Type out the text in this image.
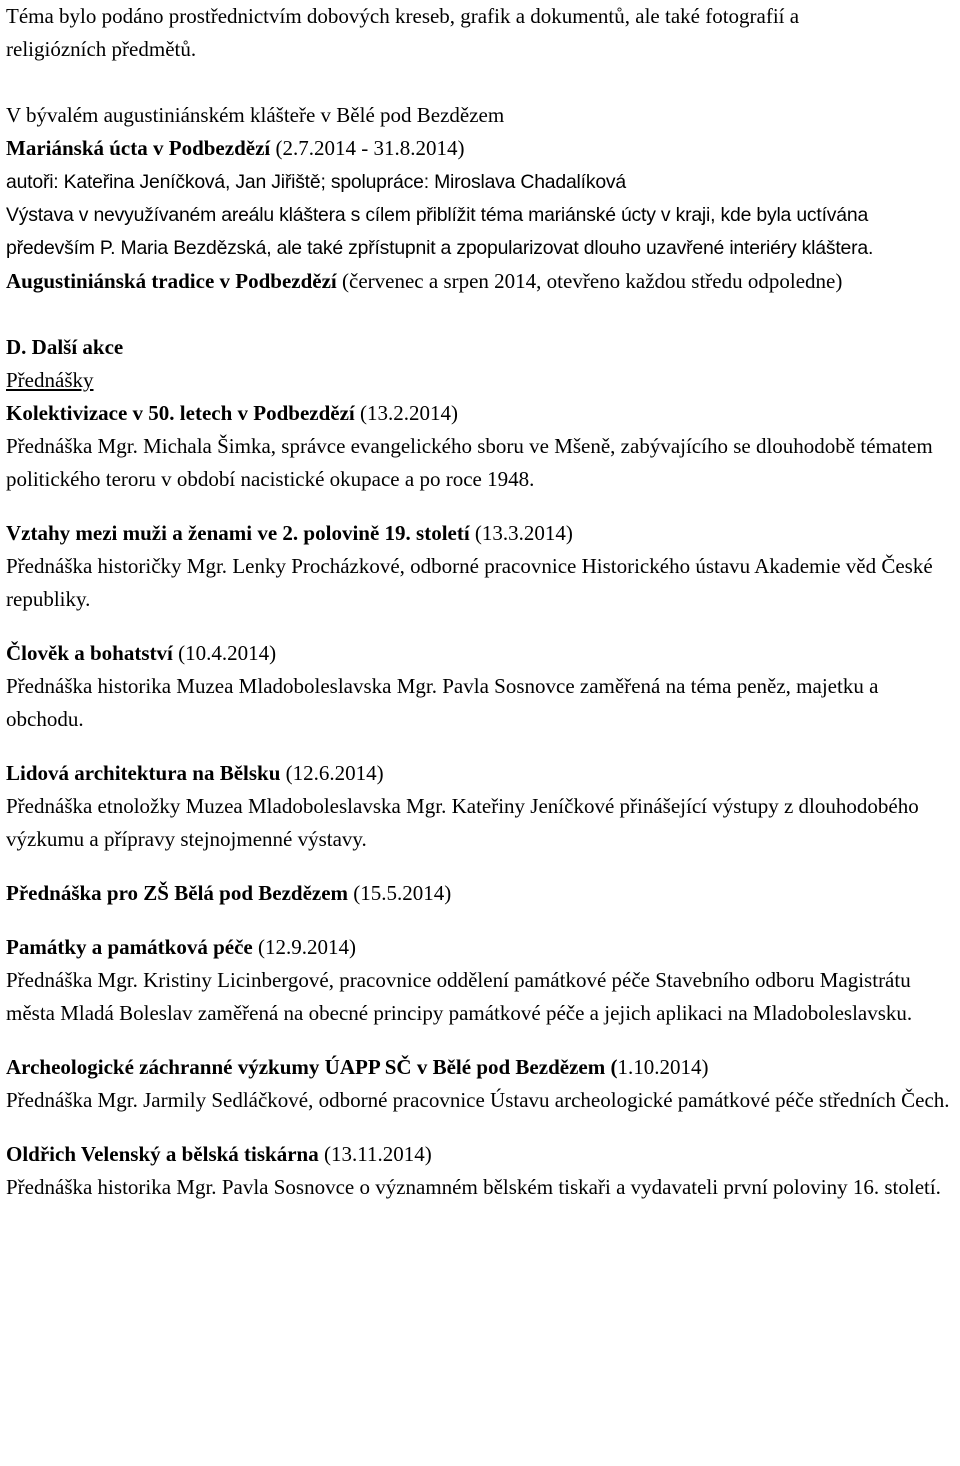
Téma bylo podáno prostřednictvím dobových kreseb, grafik a dokumentů, ale také fotografií a
religiózních předmětů.

V bývalém augustiniánském klášteře v Bělé pod Bezdězem
Mariánská úcta v Podbezdězí (2.7.2014 - 31.8.2014)
autoři: Kateřina Jeníčková, Jan Jiřiště; spolupráce: Miroslava Chadalíková

Výstava v nevyužívaném areálu kláštera s cílem přiblížit téma mariánské úcty v kraji, kde byla uctívána především P. Maria Bezdězská, ale také zpřístupnit a zpopularizovat dlouho uzavřené interiéry kláštera.

Augustiniánská tradice v Podbezdězí (červenec a srpen 2014, otevřeno každou středu odpoledne)

D. Další akce

Přednášky

Kolektivizace v 50. letech v Podbezdězí (13.2.2014)
Přednáška Mgr. Michala Šimka, správce evangelického sboru ve Mšeně, zabývajícího se dlouhodobě tématem politického teroru v období nacistické okupace a po roce 1948.

Vztahy mezi muži a ženami ve 2. polovině 19. století (13.3.2014)
Přednáška historičky Mgr. Lenky Procházkové, odborné pracovnice Historického ústavu Akademie věd České republiky.

Člověk a bohatství (10.4.2014)
Přednáška historika Muzea Mladoboleslavska Mgr. Pavla Sosnovce zaměřená na téma peněz, majetku a obchodu.

Lidová architektura na Bělsku (12.6.2014)
Přednáška etnoložky Muzea Mladoboleslavska Mgr. Kateřiny Jeníčkové přinášející výstupy z dlouhodobého výzkumu a přípravy stejnojmenné výstavy.

Přednáška pro ZŠ Bělá pod Bezdězem (15.5.2014)

Památky a památková péče (12.9.2014)
Přednáška Mgr. Kristiny Licinbergové, pracovnice oddělení památkové péče Stavebního odboru Magistrátu města Mladá Boleslav zaměřená na obecné principy památkové péče a jejich aplikaci na Mladoboleslavsku.

Archeologické záchranné výzkumy ÚAPP SČ v Bělé pod Bezdězem (1.10.2014)
Přednáška Mgr. Jarmily Sedláčkové, odborné pracovnice Ústavu archeologické památkové péče středních Čech.

Oldřich Velenský a bělská tiskárna (13.11.2014)
Přednáška historika Mgr. Pavla Sosnovce o významném bělském tiskaři a vydavateli první poloviny 16. století.
